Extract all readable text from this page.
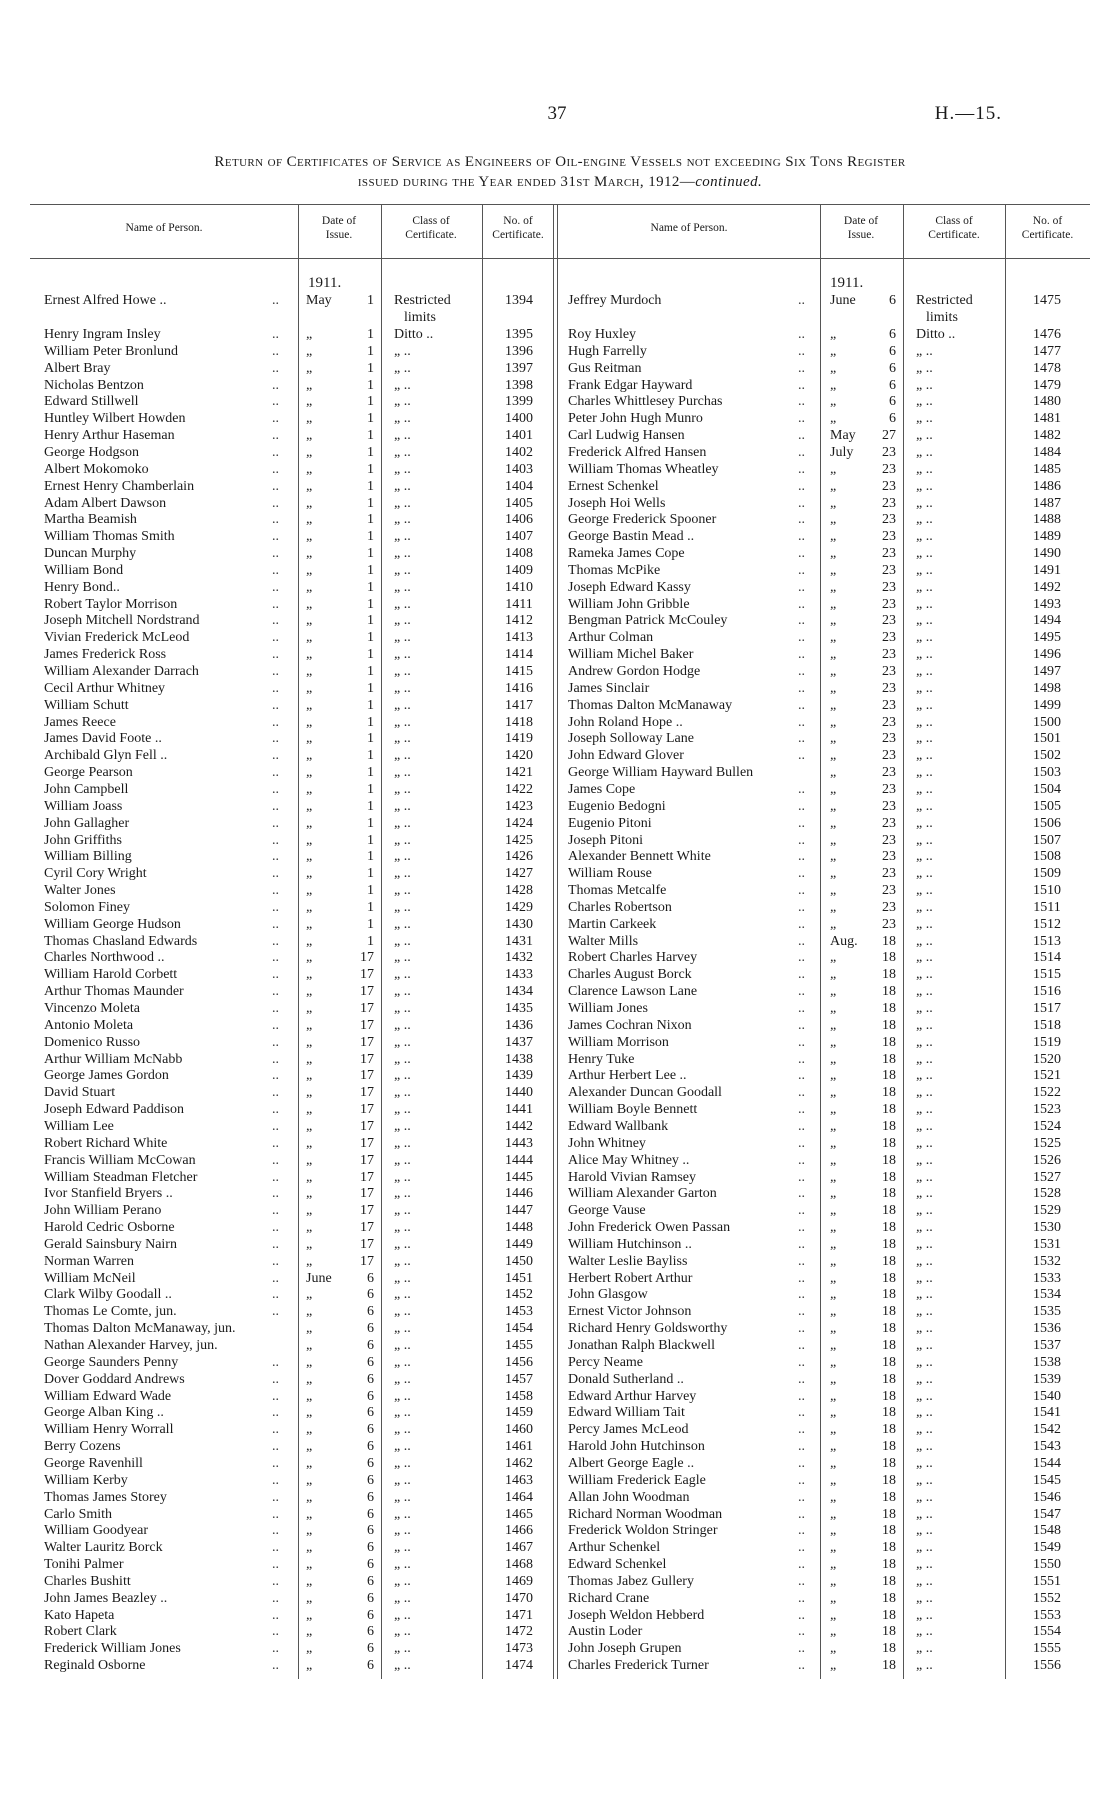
37	H.—15.
Return of Certificates of Service as Engineers of Oil-engine Vessels not exceeding Six Tons Register
issued during the Year ended 31st March, 1912—continued.
Name of Person.
Date of
Issue.
Class of
Certificate.
No. of
Certificate.
Name of Person.
Date of
Issue.
Class of
Certificate.
No. of
Certificate.
1911.	1911.
Ernest Alfred Howe ..	..	May	1 Restricted	1394
limits
Henry Ingram Insley	..	„	1 Ditto ..	1395
William Peter Bronlund	..	„	1 „ ..	1396
Albert Bray	..	„	1 „ ..	1397
Nicholas Bentzon	..	„	1 „ ..	1398
Edward Stillwell	..	„	1 „ ..	1399
Huntley Wilbert Howden	..	„	1 „ ..	1400
Henry Arthur Haseman	..	„	1 „ ..	1401
George Hodgson	..	„	1 „ ..	1402
Albert Mokomoko	..	„	1 „ ..	1403
Ernest Henry Chamberlain	..	„	1 „ ..	1404
Adam Albert Dawson	..	„	1 „ ..	1405
Martha Beamish	..	„	1 „ ..	1406
William Thomas Smith	..	„	1 „ ..	1407
Duncan Murphy	..	„	1 „ ..	1408
William Bond	..	„	1 „ ..	1409
Henry Bond..	..	„	1 „ ..	1410
Robert Taylor Morrison	..	„	1 „ ..	1411
Joseph Mitchell Nordstrand	..	„	1 „ ..	1412
Vivian Frederick McLeod	..	„	1 „ ..	1413
James Frederick Ross	..	„	1 „ ..	1414
William Alexander Darrach	..	„	1 „ ..	1415
Cecil Arthur Whitney	..	„	1 „ ..	1416
William Schutt	..	„	1 „ ..	1417
James Reece	..	„	1 „ ..	1418
James David Foote ..	..	„	1 „ ..	1419
Archibald Glyn Fell ..	..	„	1 „ ..	1420
George Pearson	..	„	1 „ ..	1421
John Campbell	..	„	1 „ ..	1422
William Joass	..	„	1 „ ..	1423
John Gallagher	..	„	1 „ ..	1424
John Griffiths	..	„	1 „ ..	1425
William Billing	..	„	1 „ ..	1426
Cyril Cory Wright	..	„	1 „ ..	1427
Walter Jones	..	„	1 „ ..	1428
Solomon Finey	..	„	1 „ ..	1429
William George Hudson	..	„	1 „ ..	1430
Thomas Chasland Edwards	..	„	1 „ ..	1431
Charles Northwood ..	..	„	17 „ ..	1432
William Harold Corbett	..	„	17 „ ..	1433
Arthur Thomas Maunder	..	„	17 „ ..	1434
Vincenzo Moleta	..	„	17 „ ..	1435
Antonio Moleta	..	„	17 „ ..	1436
Domenico Russo	..	„	17 „ ..	1437
Arthur William McNabb	..	„	17 „ ..	1438
George James Gordon	..	„	17 „ ..	1439
David Stuart	..	„	17 „ ..	1440
Joseph Edward Paddison	..	„	17 „ ..	1441
William Lee	..	„	17 „ ..	1442
Robert Richard White	..	„	17 „ ..	1443
Francis William McCowan	..	„	17 „ ..	1444
William Steadman Fletcher	..	„	17 „ ..	1445
Ivor Stanfield Bryers ..	..	„	17 „ ..	1446
John William Perano	..	„	17 „ ..	1447
Harold Cedric Osborne	..	„	17 „ ..	1448
Gerald Sainsbury Nairn	..	„	17 „ ..	1449
Norman Warren	..	„	17 „ ..	1450
William McNeil	..	June	6 „ ..	1451
Clark Wilby Goodall ..	..	„	6 „ ..	1452
Thomas Le Comte, jun.	..	„	6 „ ..	1453
Thomas Dalton McManaway, jun.	„	6 „ ..	1454
Nathan Alexander Harvey, jun.	„	6 „ ..	1455
George Saunders Penny	..	„	6 „ ..	1456
Dover Goddard Andrews	..	„	6 „ ..	1457
William Edward Wade	..	„	6 „ ..	1458
George Alban King ..	..	„	6 „ ..	1459
William Henry Worrall	..	„	6 „ ..	1460
Berry Cozens	..	„	6 „ ..	1461
George Ravenhill	..	„	6 „ ..	1462
William Kerby	..	„	6 „ ..	1463
Thomas James Storey	..	„	6 „ ..	1464
Carlo Smith	..	„	6 „ ..	1465
William Goodyear	..	„	6 „ ..	1466
Walter Lauritz Borck	..	„	6 „ ..	1467
Tonihi Palmer	..	„	6 „ ..	1468
Charles Bushitt	..	„	6 „ ..	1469
John James Beazley ..	..	„	6 „ ..	1470
Kato Hapeta	..	„	6 „ ..	1471
Robert Clark	..	„	6 „ ..	1472
Frederick William Jones	..	„	6 „ ..	1473
Reginald Osborne	..	„	6 „ ..	1474
Jeffrey Murdoch	..	June	6 Restricted	1475
limits
Roy Huxley	..	„	6 Ditto ..	1476
Hugh Farrelly	..	„	6 „ ..	1477
Gus Reitman	..	„	6 „ ..	1478
Frank Edgar Hayward	..	„	6 „ ..	1479
Charles Whittlesey Purchas	..	„	6 „ ..	1480
Peter John Hugh Munro	..	„	6 „ ..	1481
Carl Ludwig Hansen	..	May	27 „ ..	1482
Frederick Alfred Hansen	..	July	23 „ ..	1484
William Thomas Wheatley	..	„	23 „ ..	1485
Ernest Schenkel	..	„	23 „ ..	1486
Joseph Hoi Wells	..	„	23 „ ..	1487
George Frederick Spooner	..	„	23 „ ..	1488
George Bastin Mead ..	..	„	23 „ ..	1489
Rameka James Cope	..	„	23 „ ..	1490
Thomas McPike	..	„	23 „ ..	1491
Joseph Edward Kassy	..	„	23 „ ..	1492
William John Gribble	..	„	23 „ ..	1493
Bengman Patrick McCouley	..	„	23 „ ..	1494
Arthur Colman	..	„	23 „ ..	1495
William Michel Baker	..	„	23 „ ..	1496
Andrew Gordon Hodge	..	„	23 „ ..	1497
James Sinclair	..	„	23 „ ..	1498
Thomas Dalton McManaway	..	„	23 „ ..	1499
John Roland Hope ..	..	„	23 „ ..	1500
Joseph Solloway Lane	..	„	23 „ ..	1501
John Edward Glover	..	„	23 „ ..	1502
George William Hayward Bullen	„	23 „ ..	1503
James Cope	..	„	23 „ ..	1504
Eugenio Bedogni	..	„	23 „ ..	1505
Eugenio Pitoni	..	„	23 „ ..	1506
Joseph Pitoni	..	„	23 „ ..	1507
Alexander Bennett White	..	„	23 „ ..	1508
William Rouse	..	„	23 „ ..	1509
Thomas Metcalfe	..	„	23 „ ..	1510
Charles Robertson	..	„	23 „ ..	1511
Martin Carkeek	..	„	23 „ ..	1512
Walter Mills	..	Aug.	18 „ ..	1513
Robert Charles Harvey	..	„	18 „ ..	1514
Charles August Borck	..	„	18 „ ..	1515
Clarence Lawson Lane	..	„	18 „ ..	1516
William Jones	..	„	18 „ ..	1517
James Cochran Nixon	..	„	18 „ ..	1518
William Morrison	..	„	18 „ ..	1519
Henry Tuke	..	„	18 „ ..	1520
Arthur Herbert Lee ..	..	„	18 „ ..	1521
Alexander Duncan Goodall	..	„	18 „ ..	1522
William Boyle Bennett	..	„	18 „ ..	1523
Edward Wallbank	..	„	18 „ ..	1524
John Whitney	..	„	18 „ ..	1525
Alice May Whitney ..	..	„	18 „ ..	1526
Harold Vivian Ramsey	..	„	18 „ ..	1527
William Alexander Garton	..	„	18 „ ..	1528
George Vause	..	„	18 „ ..	1529
John Frederick Owen Passan	..	„	18 „ ..	1530
William Hutchinson ..	..	„	18 „ ..	1531
Walter Leslie Bayliss	..	„	18 „ ..	1532
Herbert Robert Arthur	..	„	18 „ ..	1533
John Glasgow	..	„	18 „ ..	1534
Ernest Victor Johnson	..	„	18 „ ..	1535
Richard Henry Goldsworthy	..	„	18 „ ..	1536
Jonathan Ralph Blackwell	..	„	18 „ ..	1537
Percy Neame	..	„	18 „ ..	1538
Donald Sutherland ..	..	„	18 „ ..	1539
Edward Arthur Harvey	..	„	18 „ ..	1540
Edward William Tait	..	„	18 „ ..	1541
Percy James McLeod	..	„	18 „ ..	1542
Harold John Hutchinson	..	„	18 „ ..	1543
Albert George Eagle ..	..	„	18 „ ..	1544
William Frederick Eagle	..	„	18 „ ..	1545
Allan John Woodman	..	„	18 „ ..	1546
Richard Norman Woodman	..	„	18 „ ..	1547
Frederick Woldon Stringer	..	„	18 „ ..	1548
Arthur Schenkel	..	„	18 „ ..	1549
Edward Schenkel	..	„	18 „ ..	1550
Thomas Jabez Gullery	..	„	18 „ ..	1551
Richard Crane	..	„	18 „ ..	1552
Joseph Weldon Hebberd	..	„	18 „ ..	1553
Austin Loder	..	„	18 „ ..	1554
John Joseph Grupen	..	„	18 „ ..	1555
Charles Frederick Turner	..	„	18 „ ..	1556
